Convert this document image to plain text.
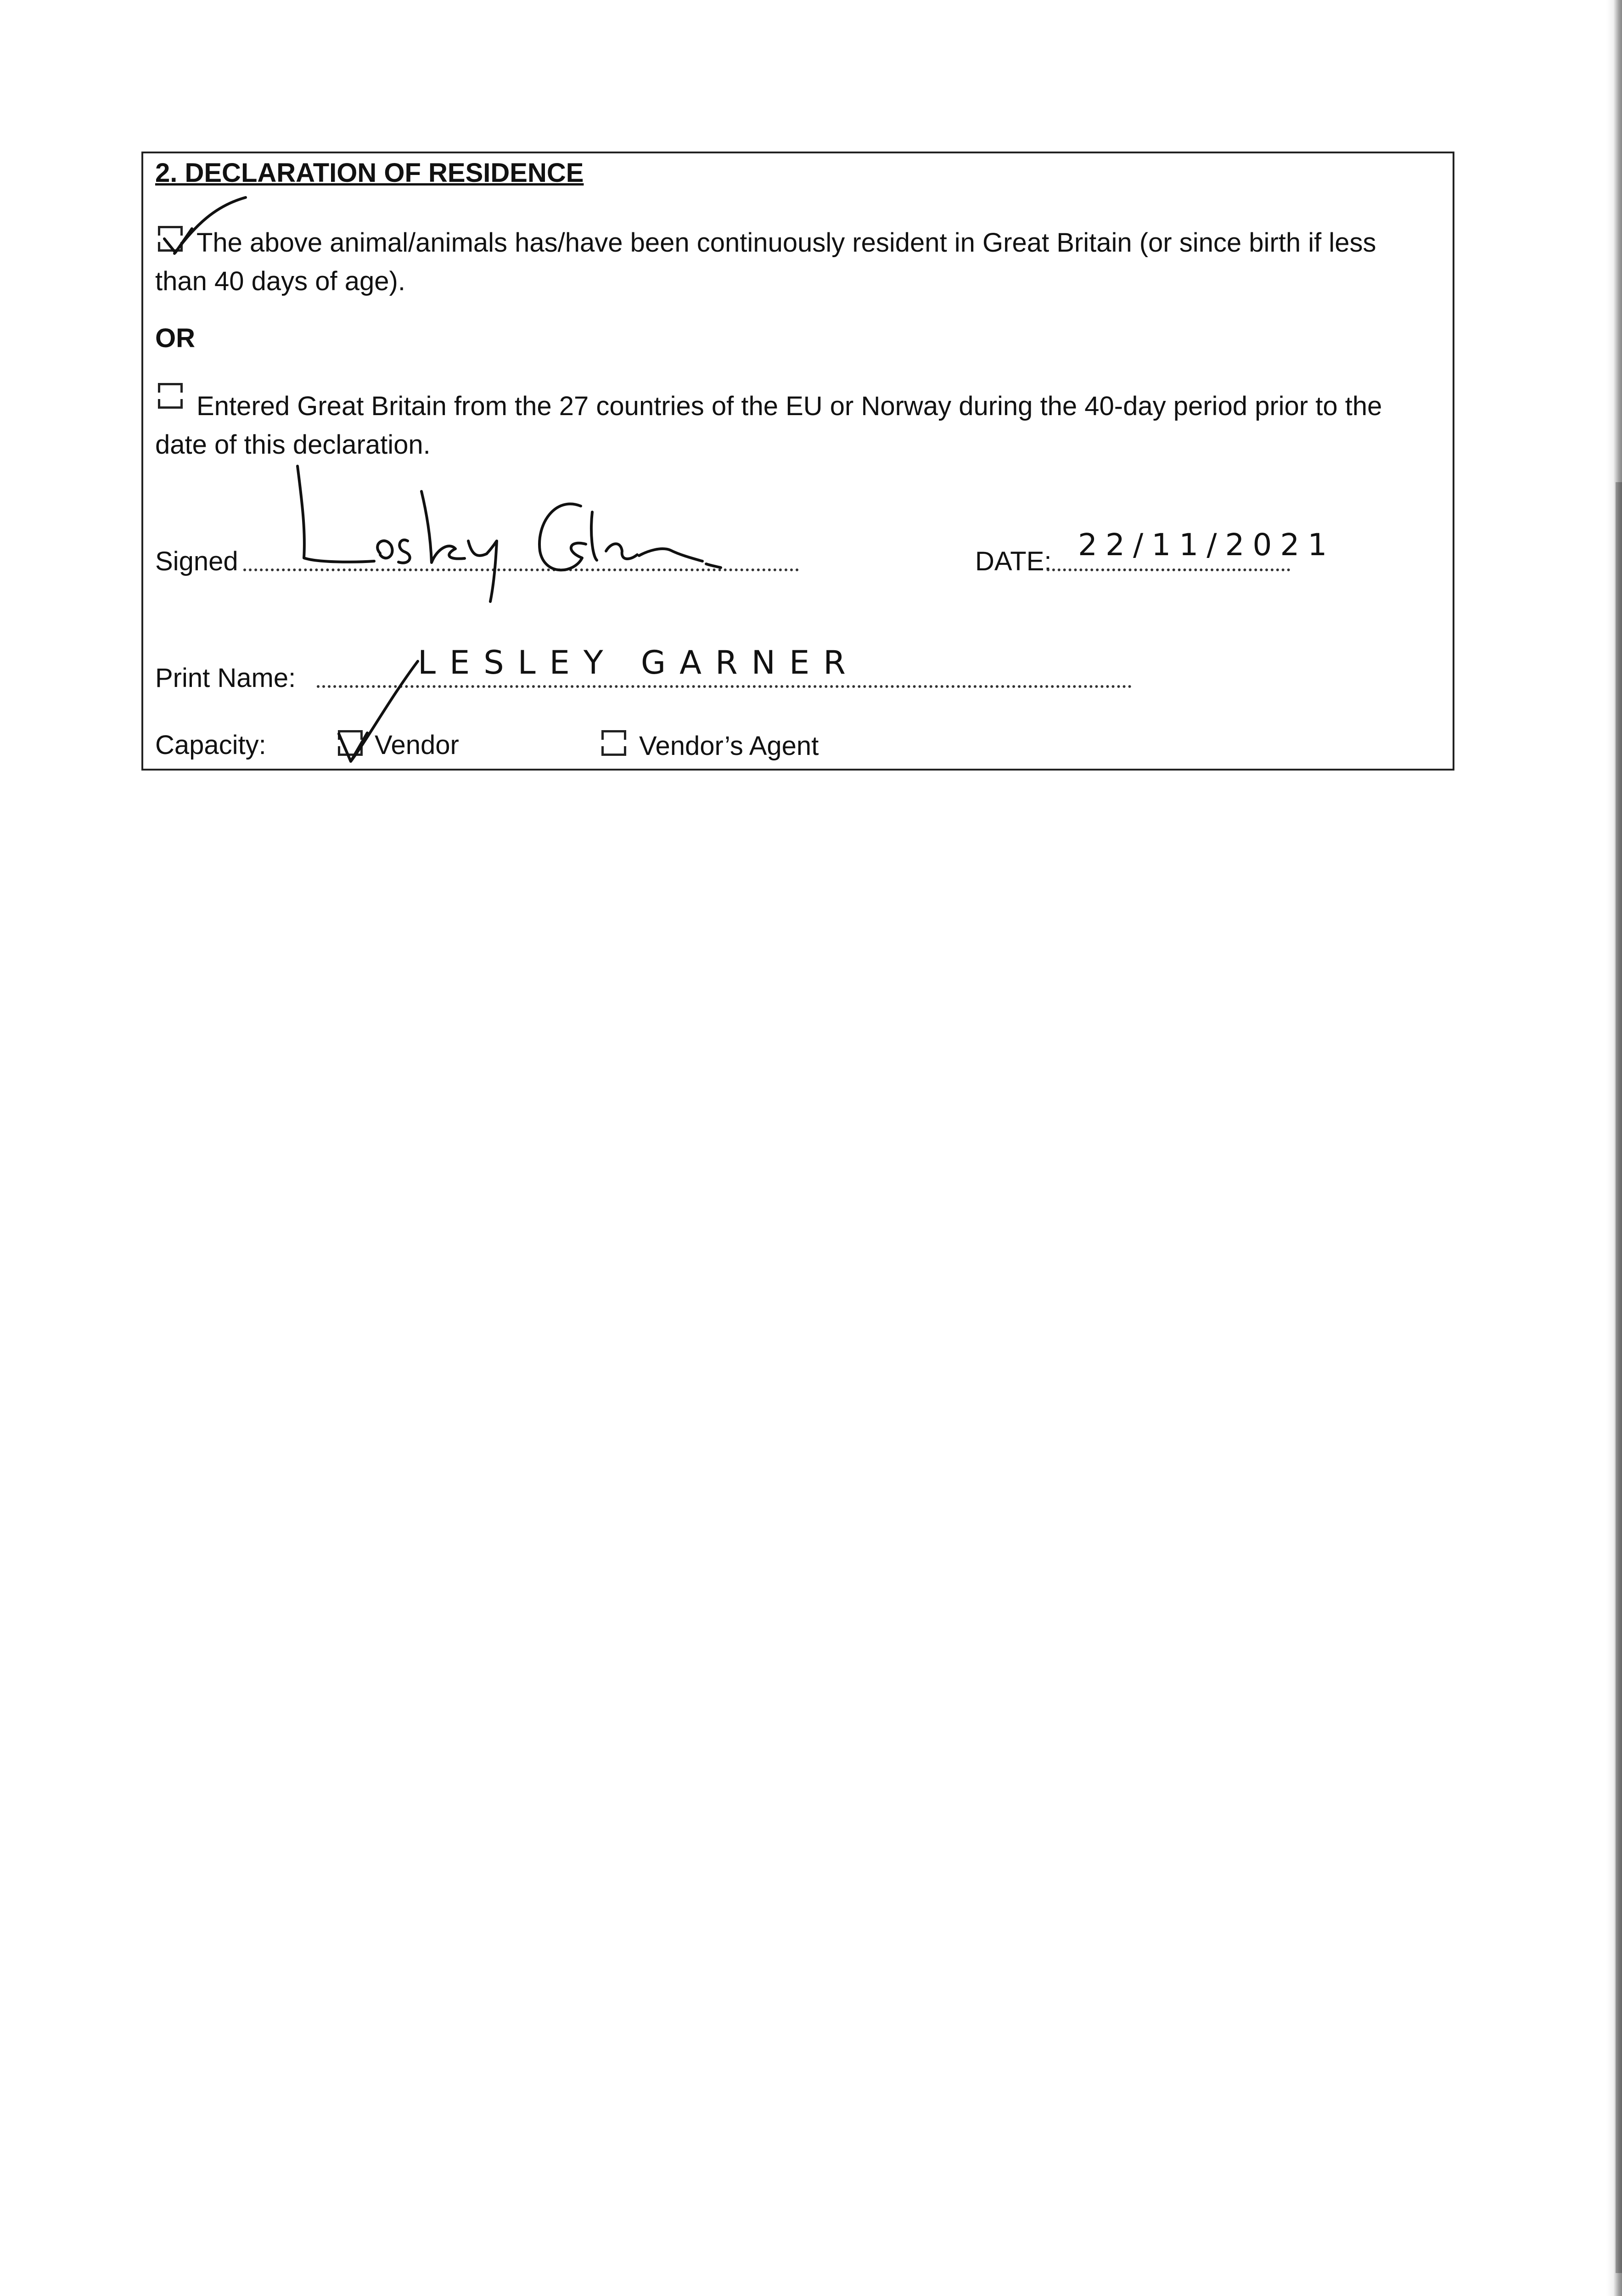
2. DECLARATION OF RESIDENCE
The above animal/animals has/have been continuously resident in Great Britain (or since birth if less
than 40 days of age).
OR
Entered Great Britain from the 27 countries of the EU or Norway during the 40-day period prior to the
date of this declaration.
Signed	DATE: 22/11/2021
Print Name:	LESLEY GARNER
Capacity:	Vendor	Vendor’s Agent
